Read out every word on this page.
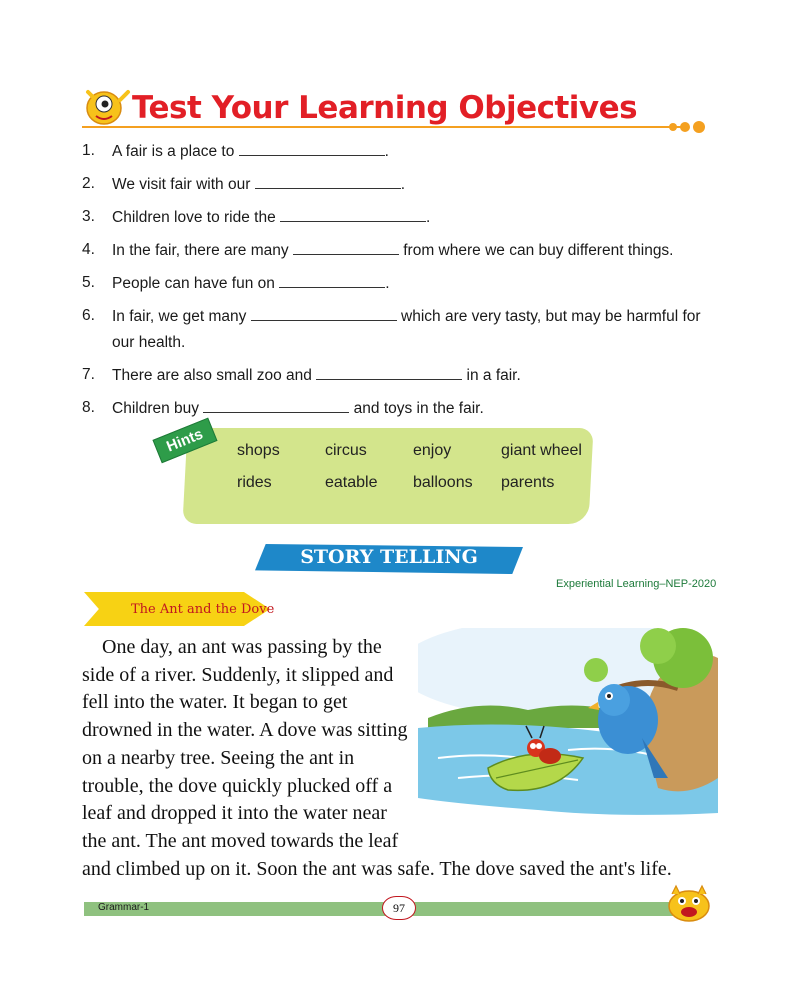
Test Your Learning Objectives
1. A fair is a place to	.
2. We visit fair with our	.
3. Children love to ride the	.
4. In the fair, there are many	from where we can buy different things.
5. People can have fun on	.
6. In fair, we get many	which are very tasty, but may be harmful for our health.
7. There are also small zoo and	in a fair.
8. Children buy	and toys in the fair.
Hints	shops	circus	enjoy	giant wheel
rides	eatable	balloons	parents
STORY TELLING
Experiential Learning–NEP-2020
The Ant and the Dove

One day, an ant was passing by the side of a river. Suddenly, it slipped and fell into the water. It began to get drowned in the water. A dove was sitting on a nearby tree. Seeing the ant in trouble, the dove quickly plucked off a leaf and dropped it into the water near the ant. The ant moved towards the leaf and climbed up on it. Soon the ant was safe. The dove saved the ant's life.

Grammar-1	97
